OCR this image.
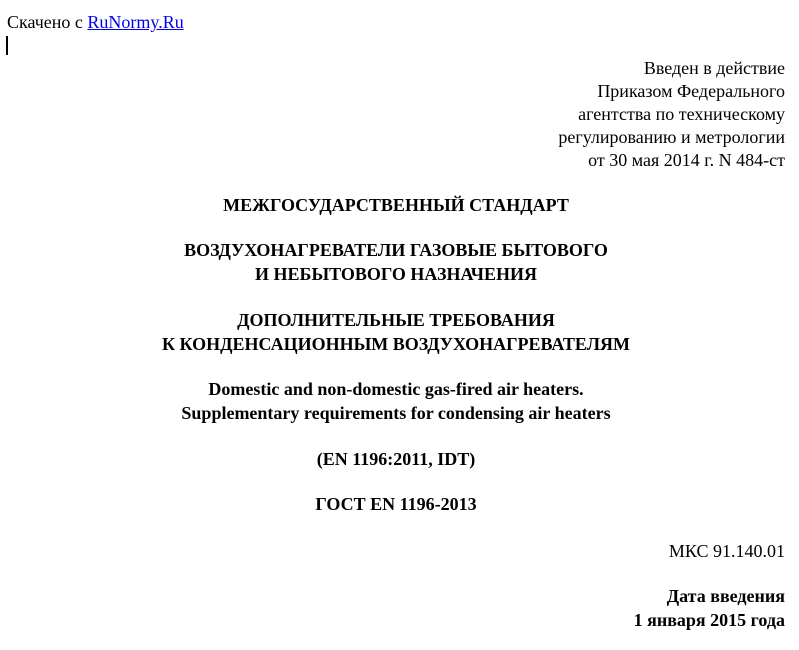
Скачено с RuNormy.Ru
Введен в действие
Приказом Федерального
агентства по техническому
регулированию и метрологии
от 30 мая 2014 г. N 484-ст
МЕЖГОСУДАРСТВЕННЫЙ СТАНДАРТ
ВОЗДУХОНАГРЕВАТЕЛИ ГАЗОВЫЕ БЫТОВОГО
И НЕБЫТОВОГО НАЗНАЧЕНИЯ
ДОПОЛНИТЕЛЬНЫЕ ТРЕБОВАНИЯ
К КОНДЕНСАЦИОННЫМ ВОЗДУХОНАГРЕВАТЕЛЯМ
Domestic and non-domestic gas-fired air heaters.
Supplementary requirements for condensing air heaters
(EN 1196:2011, IDT)
ГОСТ EN 1196-2013
МКС 91.140.01
Дата введения
1 января 2015 года
